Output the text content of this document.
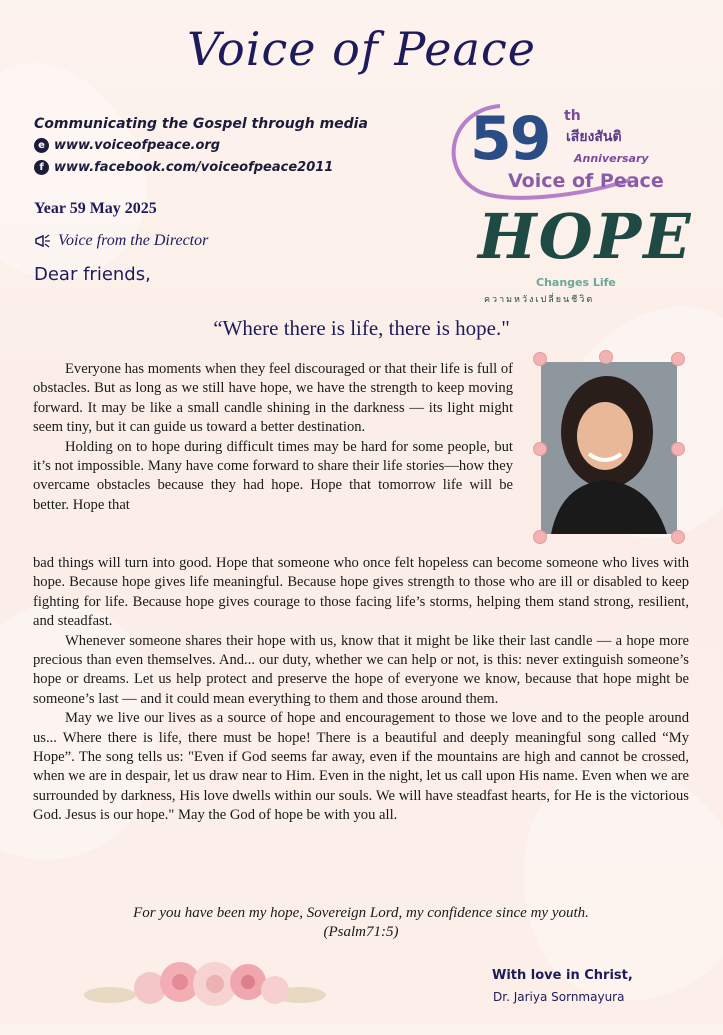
Voice of Peace
Communicating the Gospel through media
e www.voiceofpeace.org
f www.facebook.com/voiceofpeace2011 59 th
เสียงสันติ
Anniversary
Voice of Peace
Year 59 May 2025
Voice from the Director
Dear friends,
HOPE
Changes Life
ความหวังเปลี่ยนชีวิต
“Where there is life, there is hope."

Everyone has moments when they feel discouraged or that their life is full of obstacles. But as long as we still have hope, we have the strength to keep moving forward. It may be like a small candle shining in the darkness — its light might seem tiny, but it can guide us toward a better destination.

Holding on to hope during difficult times may be hard for some people, but it’s not impossible. Many have come forward to share their life stories—how they overcame obstacles because they had hope. Hope that tomorrow life will be better. Hope that

bad things will turn into good. Hope that someone who once felt hopeless can become someone who lives with hope. Because hope gives life meaningful. Because hope gives strength to those who are ill or disabled to keep fighting for life. Because hope gives courage to those facing life’s storms, helping them stand strong, resilient, and steadfast.

Whenever someone shares their hope with us, know that it might be like their last candle — a hope more precious than even themselves. And... our duty, whether we can help or not, is this: never extinguish someone’s hope or dreams. Let us help protect and preserve the hope of everyone we know, because that hope might be someone’s last — and it could mean everything to them and those around them.

May we live our lives as a source of hope and encouragement to those we love and to the people around us... Where there is life, there must be hope! There is a beautiful and deeply meaningful song called “My Hope”. The song tells us: "Even if God seems far away, even if the mountains are high and cannot be crossed, when we are in despair, let us draw near to Him. Even in the night, let us call upon His name. Even when we are surrounded by darkness, His love dwells within our souls. We will have steadfast hearts, for He is the victorious God. Jesus is our hope." May the God of hope be with you all.

For you have been my hope, Sovereign Lord, my confidence since my youth.
(Psalm71:5)
With love in Christ,
Dr. Jariya Sornmayura
